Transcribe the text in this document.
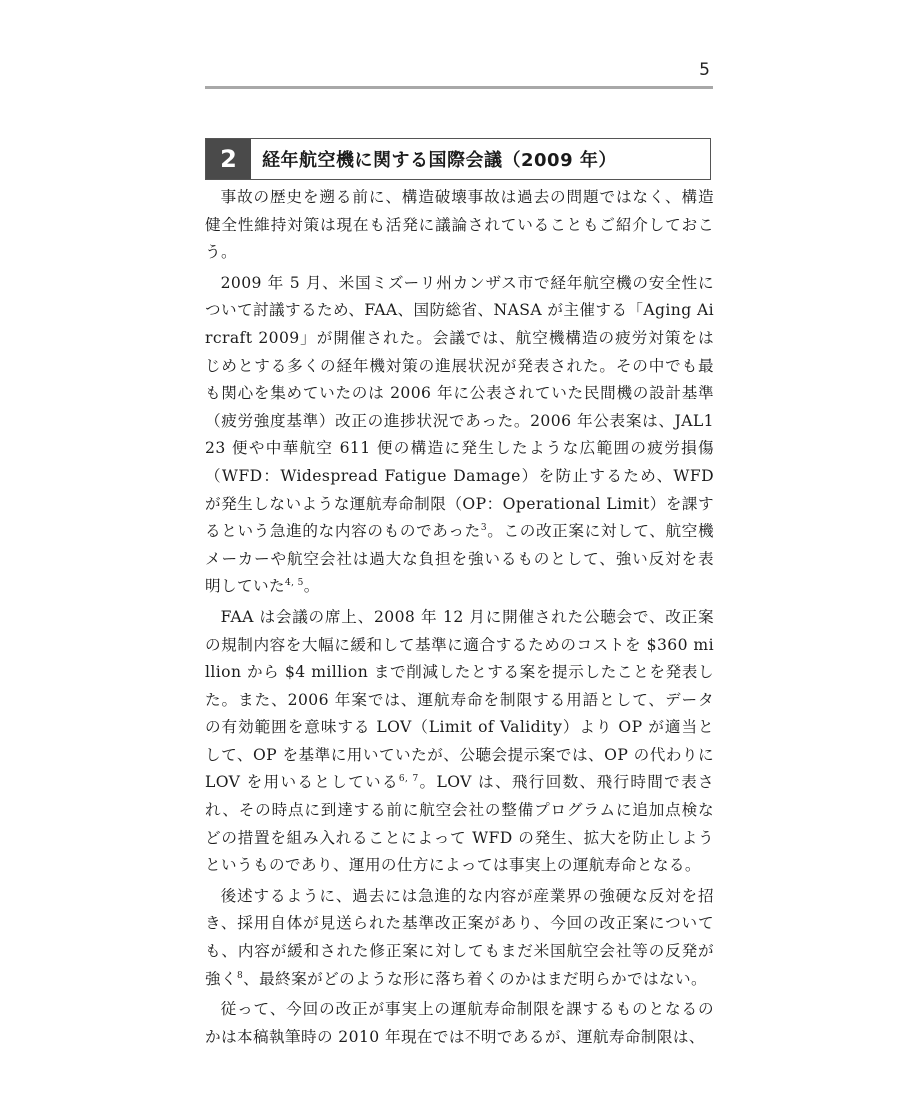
5
2	経年航空機に関する国際会議（2009 年）

事故の歴史を遡る前に、構造破壊事故は過去の問題ではなく、構造健全性維持対策は現在も活発に議論されていることもご紹介しておこう。

2009 年 5 月、米国ミズーリ州カンザス市で経年航空機の安全性について討議するため、FAA、国防総省、NASA が主催する「Aging Aircraft 2009」が開催された。会議では、航空機構造の疲労対策をはじめとする多くの経年機対策の進展状況が発表された。その中でも最も関心を集めていたのは 2006 年に公表されていた民間機の設計基準（疲労強度基準）改正の進捗状況であった。2006 年公表案は、JAL123 便や中華航空 611 便の構造に発生したような広範囲の疲労損傷（WFD：Widespread Fatigue Damage）を防止するため、WFD が発生しないような運航寿命制限（OP：Operational Limit）を課するという急進的な内容のものであった$^3$。この改正案に対して、航空機メーカーや航空会社は過大な負担を強いるものとして、強い反対を表明していた$^{4, 5}$。

FAA は会議の席上、2008 年 12 月に開催された公聴会で、改正案の規制内容を大幅に緩和して基準に適合するためのコストを $360 million から $4 million まで削減したとする案を提示したことを発表した。また、2006 年案では、運航寿命を制限する用語として、データの有効範囲を意味する LOV（Limit of Validity）より OP が適当として、OP を基準に用いていたが、公聴会提示案では、OP の代わりに LOV を用いるとしている$^{6, 7}$。LOV は、飛行回数、飛行時間で表され、その時点に到達する前に航空会社の整備プログラムに追加点検などの措置を組み入れることによって WFD の発生、拡大を防止しようというものであり、運用の仕方によっては事実上の運航寿命となる。

後述するように、過去には急進的な内容が産業界の強硬な反対を招き、採用自体が見送られた基準改正案があり、今回の改正案についても、内容が緩和された修正案に対してもまだ米国航空会社等の反発が強く$^8$、最終案がどのような形に落ち着くのかはまだ明らかではない。

従って、今回の改正が事実上の運航寿命制限を課するものとなるのかは本稿執筆時の 2010 年現在では不明であるが、運航寿命制限は、
